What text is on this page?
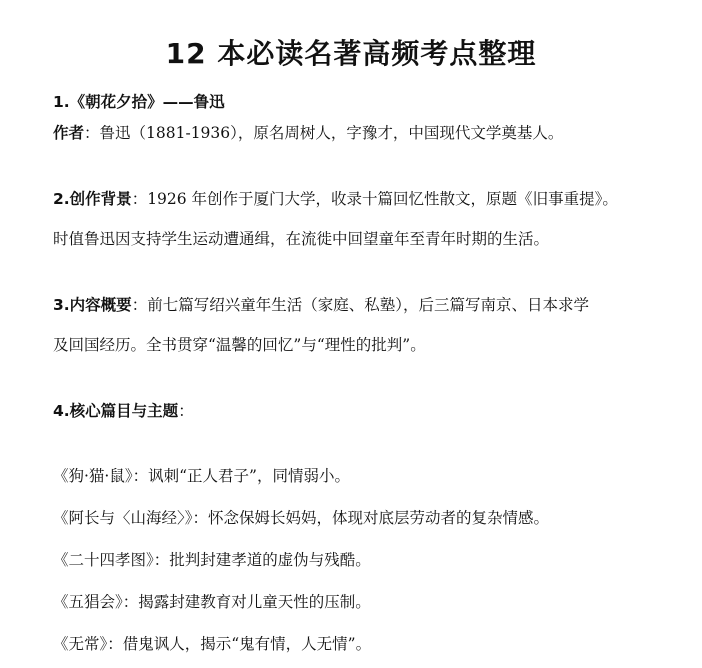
12 本必读名著高频考点整理
1.《朝花夕拾》——鲁迅
作者：鲁迅（1881-1936），原名周树人，字豫才，中国现代文学奠基人。
2.创作背景：1926 年创作于厦门大学，收录十篇回忆性散文，原题《旧事重提》。
时值鲁迅因支持学生运动遭通缉，在流徙中回望童年至青年时期的生活。
3.内容概要：前七篇写绍兴童年生活（家庭、私塾），后三篇写南京、日本求学
及回国经历。全书贯穿“温馨的回忆”与“理性的批判”。
4.核心篇目与主题：
《狗·猫·鼠》：讽刺“正人君子”，同情弱小。
《阿长与〈山海经〉》：怀念保姆长妈妈，体现对底层劳动者的复杂情感。
《二十四孝图》：批判封建孝道的虚伪与残酷。
《五猖会》：揭露封建教育对儿童天性的压制。
《无常》：借鬼讽人，揭示“鬼有情，人无情”。
